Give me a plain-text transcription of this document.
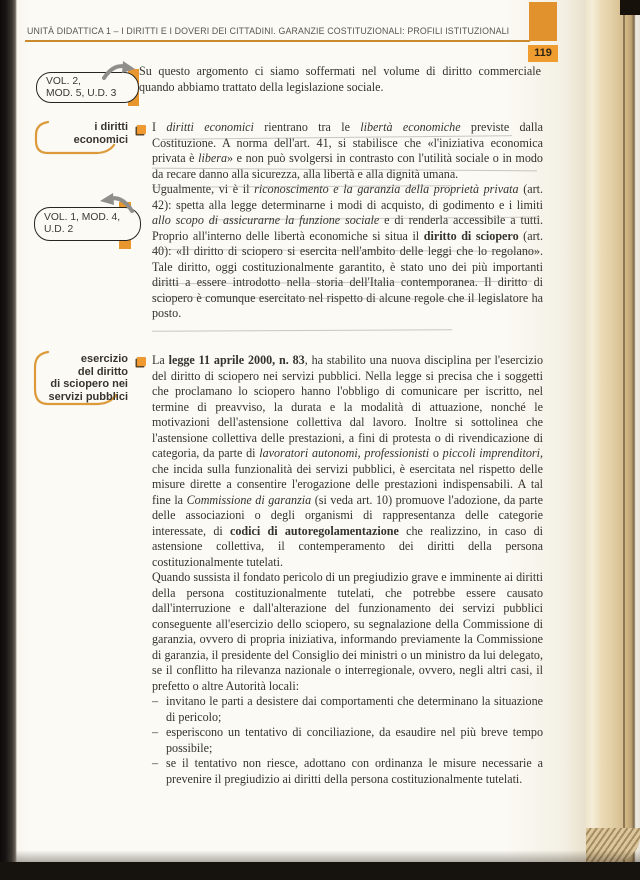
UNITÀ DIDATTICA 1 – I DIRITTI E I DOVERI DEI CITTADINI. GARANZIE COSTITUZIONALI: PROFILI ISTITUZIONALI
119
VOL. 2,
MOD. 5, U.D. 3
i diritti
economici
VOL. 1, MOD. 4,
U.D. 2
esercizio
del diritto
di sciopero nei
servizi pubblici

Su questo argomento ci siamo soffermati nel volume di diritto commerciale quando abbiamo trattato della legislazione sociale.

I diritti economici rientrano tra le libertà economiche previste dalla Costituzione. A norma dell'art. 41, si stabilisce che «l'iniziativa economica privata è libera» e non può svolgersi in contrasto con l'utilità sociale o in modo da recare danno alla sicurezza, alla libertà e alla dignità umana.

Ugualmente, vi è il riconoscimento e la garanzia della proprietà privata (art. 42): spetta alla legge determinarne i modi di acquisto, di godimento e i limiti allo scopo di assicurarne la funzione sociale e di renderla accessibile a tutti. Proprio all'interno delle libertà economiche si situa il diritto di sciopero (art. 40): «Il diritto di sciopero si esercita nell'ambito delle leggi che lo regolano». Tale diritto, oggi costituzionalmente garantito, è stato uno dei più importanti diritti a essere introdotto nella storia dell'Italia contemporanea. Il diritto di sciopero è comunque esercitato nel rispetto di alcune regole che il legislatore ha posto.

La legge 11 aprile 2000, n. 83, ha stabilito una nuova disciplina per l'esercizio del diritto di sciopero nei servizi pubblici. Nella legge si precisa che i soggetti che proclamano lo sciopero hanno l'obbligo di comunicare per iscritto, nel termine di preavviso, la durata e la modalità di attuazione, nonché le motivazioni dell'astensione collettiva dal lavoro. Inoltre si sottolinea che l'astensione collettiva delle prestazioni, a fini di protesta o di rivendicazione di categoria, da parte di lavoratori autonomi, professionisti o piccoli imprenditori, che incida sulla funzionalità dei servizi pubblici, è esercitata nel rispetto delle misure dirette a consentire l'erogazione delle prestazioni indispensabili. A tal fine la Commissione di garanzia (si veda art. 10) promuove l'adozione, da parte delle associazioni o degli organismi di rappresentanza delle categorie interessate, di codici di autoregolamentazione che realizzino, in caso di astensione collettiva, il contemperamento dei diritti della persona costituzionalmente tutelati.

Quando sussista il fondato pericolo di un pregiudizio grave e imminente ai diritti della persona costituzionalmente tutelati, che potrebbe essere causato dall'interruzione e dall'alterazione del funzionamento dei servizi pubblici conseguente all'esercizio dello sciopero, su segnalazione della Commissione di garanzia, ovvero di propria iniziativa, informando previamente la Commissione di garanzia, il presidente del Consiglio dei ministri o un ministro da lui delegato, se il conflitto ha rilevanza nazionale o interregionale, ovvero, negli altri casi, il prefetto o altre Autorità locali:

– invitano le parti a desistere dai comportamenti che determinano la situazione di pericolo;
– esperiscono un tentativo di conciliazione, da esaudire nel più breve tempo possibile;
– se il tentativo non riesce, adottano con ordinanza le misure necessarie a prevenire il pregiudizio ai diritti della persona costituzionalmente tutelati.
